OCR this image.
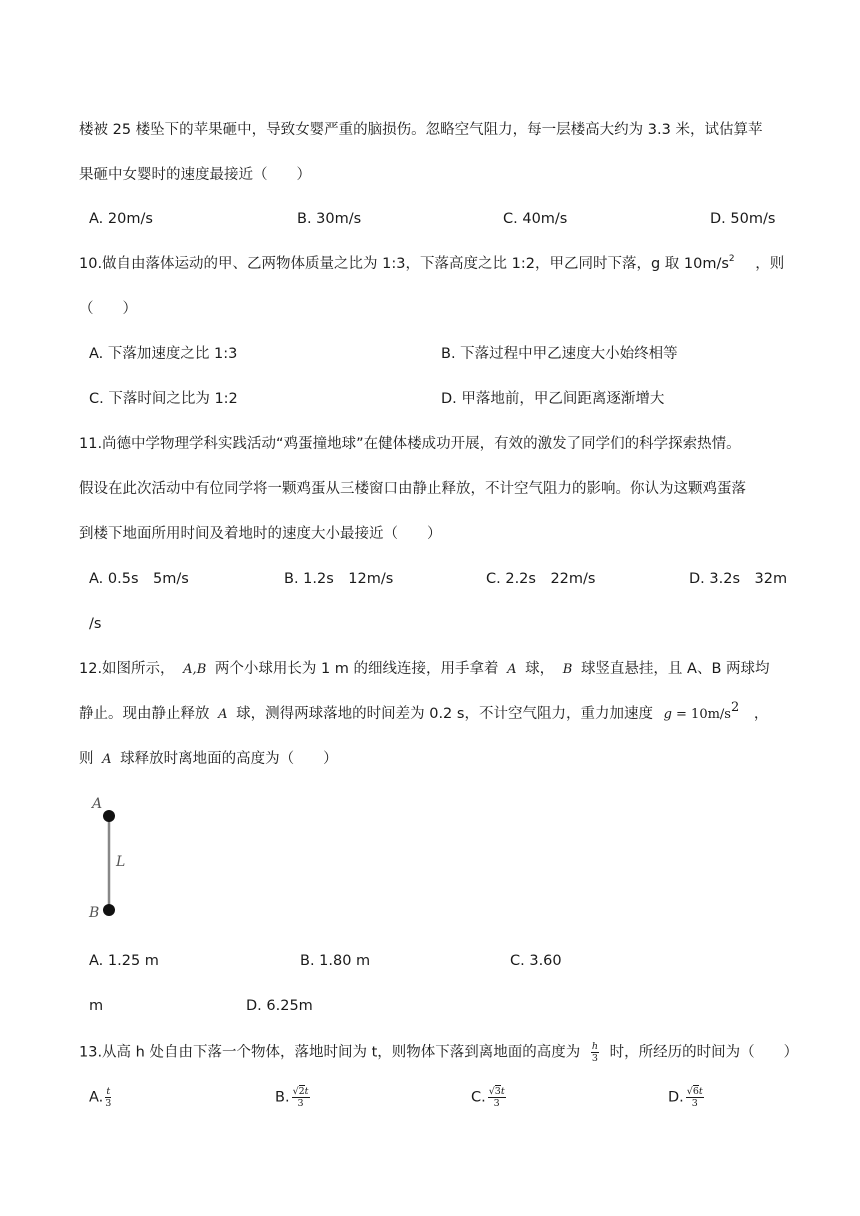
楼被 25 楼坠下的苹果砸中，导致女婴严重的脑损伤。忽略空气阻力，每一层楼高大约为 3.3 米，试估算苹
果砸中女婴时的速度最接近（　　）
A. 20m/s	B. 30m/s	C. 40m/s	D. 50m/s
10.做自由落体运动的甲、乙两物体质量之比为 1:3，下落高度之比 1:2，甲乙同时下落，g 取 $10m/s^2$ ，则
（　　）
A. 下落加速度之比 1:3	B. 下落过程中甲乙速度大小始终相等
C. 下落时间之比为 1:2	D. 甲落地前，甲乙间距离逐渐增大
11.尚德中学物理学科实践活动“鸡蛋撞地球”在健体楼成功开展，有效的激发了同学们的科学探索热情。
假设在此次活动中有位同学将一颗鸡蛋从三楼窗口由静止释放，不计空气阻力的影响。你认为这颗鸡蛋落
到楼下地面所用时间及着地时的速度大小最接近（　　）
A. 0.5s　5m/s	B. 1.2s　12m/s	C. 2.2s　22m/s	D. 3.2s　32m
/s
12.如图所示， A,B 两个小球用长为 1 m 的细线连接，用手拿着 A 球， B 球竖直悬挂，且 A、B 两球均
静止。现由静止释放 A 球，测得两球落地的时间差为 0.2 s，不计空气阻力，重力加速度 $g = 10m/s^2$ ，
则 A 球释放时离地面的高度为（　　）
A
L
B
A. 1.25 m	B. 1.80 m	C. 3.60
m	D. 6.25m
13.从高 h 处自由下落一个物体，落地时间为 t，则物体下落到离地面的高度为 $\frac{h}{3}$ 时，所经历的时间为（　　）
A. $\frac{t}{3}$	B. $\frac{√2t}{3}$	C. $\frac{√3t}{3}$	D. $\frac{√6t}{3}$
